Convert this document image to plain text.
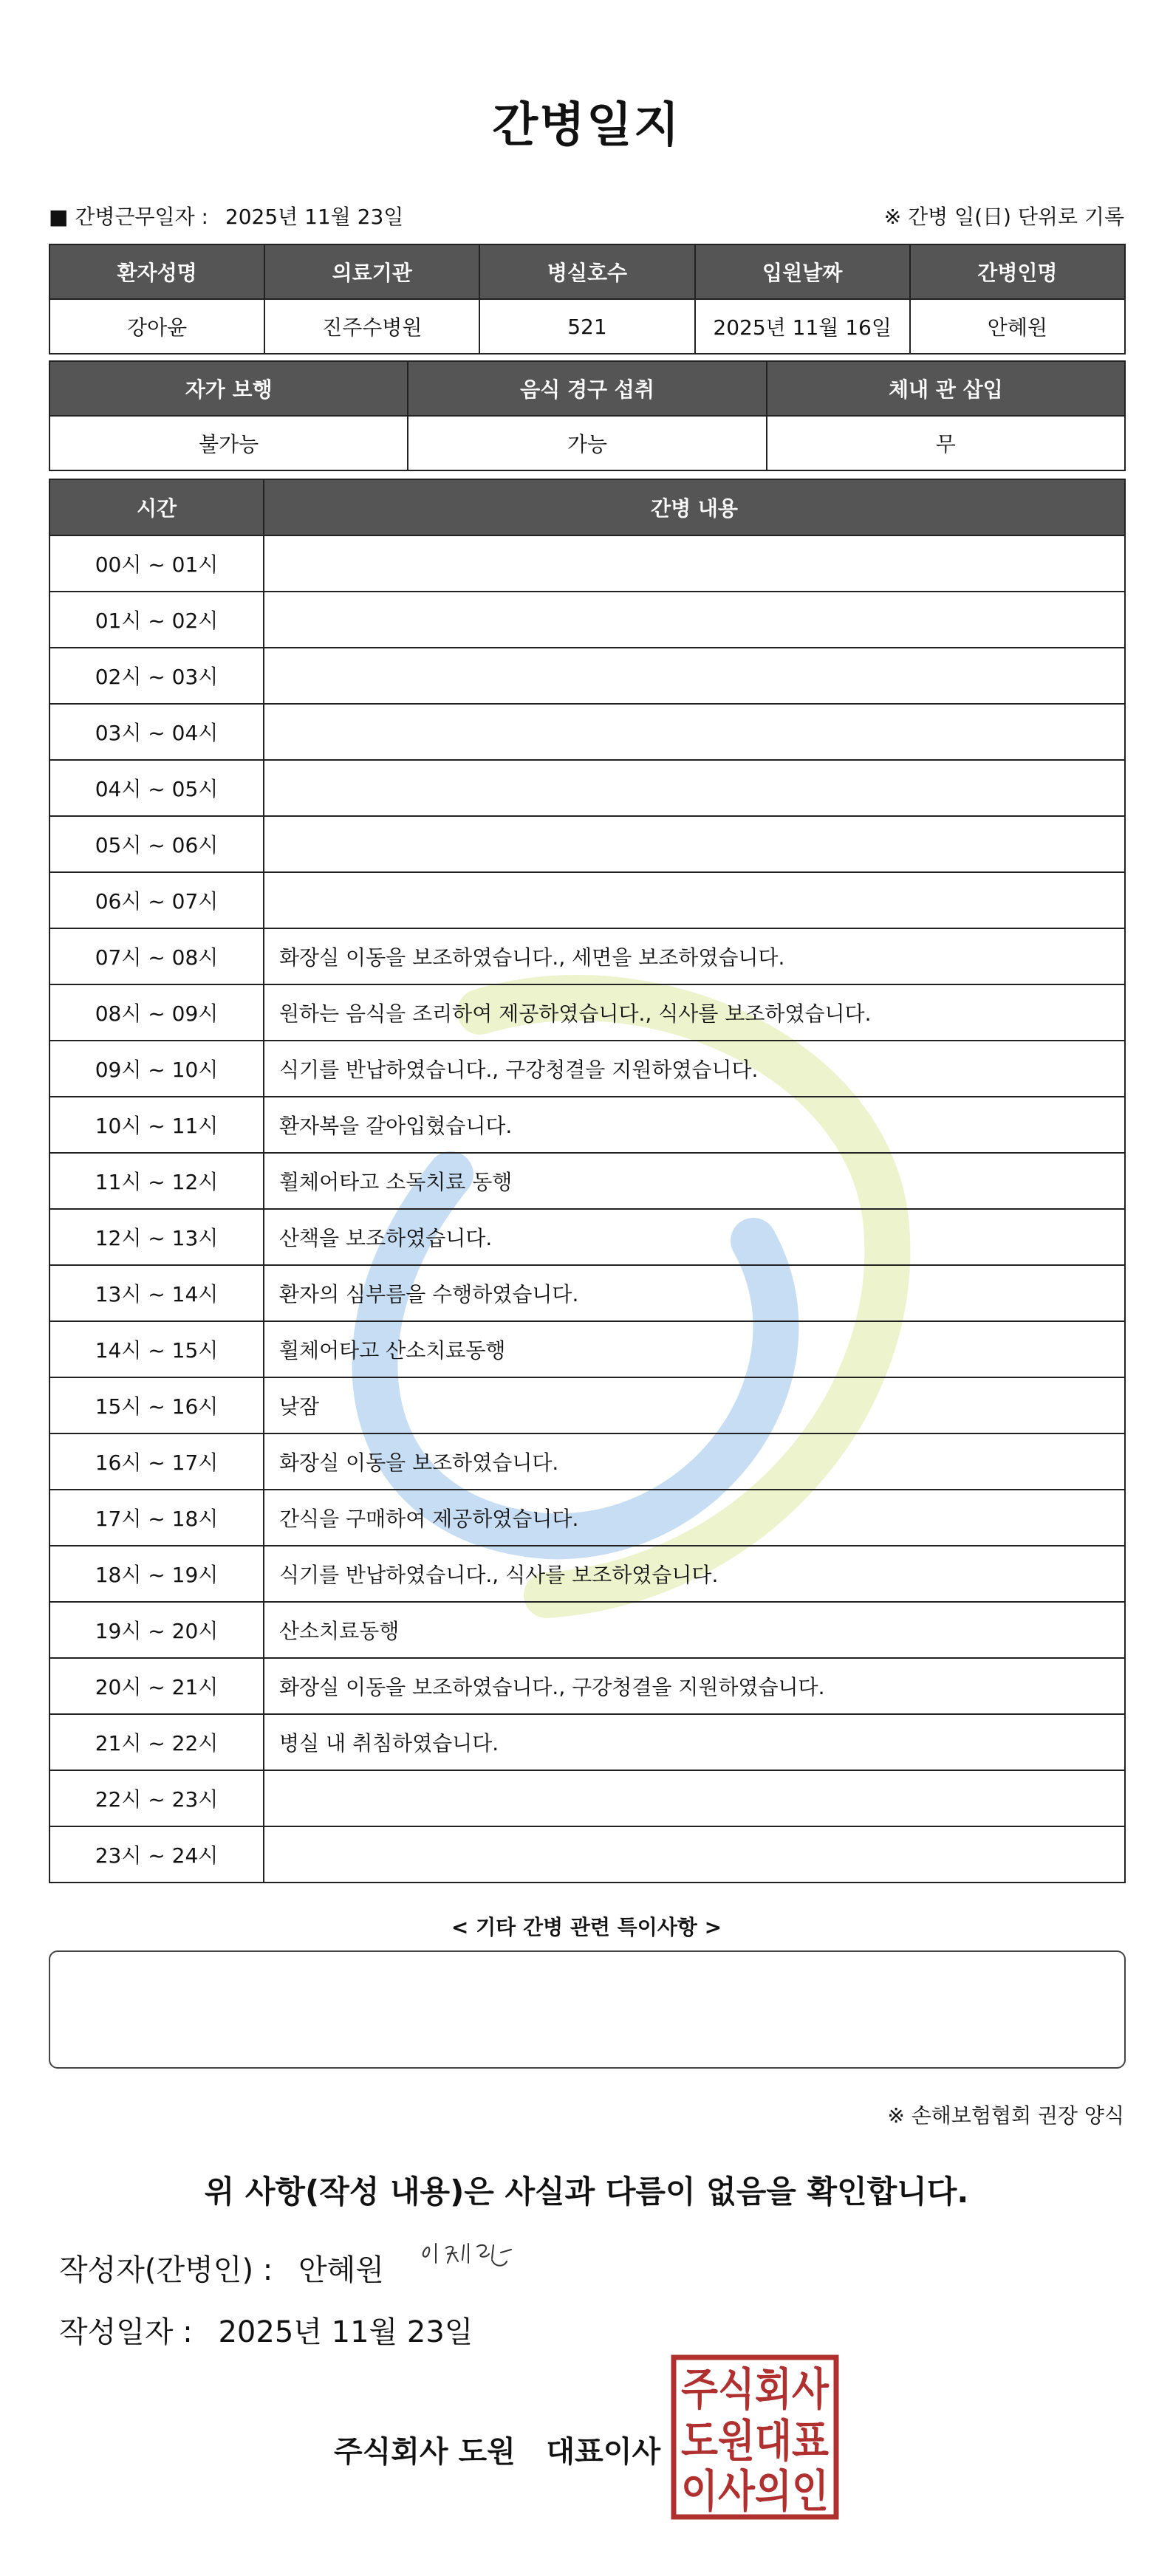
간병일지
■ 간병근무일자 : 2025년 11월 23일	※ 간병 일(日) 단위로 기록
환자성명	의료기관	병실호수	입원날짜	간병인명
강아윤	진주수병원	521	2025년 11월 16일	안혜원
자가 보행	음식 경구 섭취	체내 관 삽입
불가능	가능	무
시간	간병 내용
00시 ~ 01시	
01시 ~ 02시	
02시 ~ 03시	
03시 ~ 04시	
04시 ~ 05시	
05시 ~ 06시	
06시 ~ 07시	
07시 ~ 08시	화장실 이동을 보조하였습니다., 세면을 보조하였습니다.
08시 ~ 09시	원하는 음식을 조리하여 제공하였습니다., 식사를 보조하였습니다.
09시 ~ 10시	식기를 반납하였습니다., 구강청결을 지원하였습니다.
10시 ~ 11시	환자복을 갈아입혔습니다.
11시 ~ 12시	휠체어타고 소독치료 동행
12시 ~ 13시	산책을 보조하였습니다.
13시 ~ 14시	환자의 심부름을 수행하였습니다.
14시 ~ 15시	휠체어타고 산소치료동행
15시 ~ 16시	낮잠
16시 ~ 17시	화장실 이동을 보조하였습니다.
17시 ~ 18시	간식을 구매하여 제공하였습니다.
18시 ~ 19시	식기를 반납하였습니다., 식사를 보조하였습니다.
19시 ~ 20시	산소치료동행
20시 ~ 21시	화장실 이동을 보조하였습니다., 구강청결을 지원하였습니다.
21시 ~ 22시	병실 내 취침하였습니다.
22시 ~ 23시	
23시 ~ 24시	
< 기타 간병 관련 특이사항 >
※ 손해보험협회 권장 양식
위 사항(작성 내용)은 사실과 다름이 없음을 확인합니다.
작성자(간병인) : 안혜원
작성일자 : 2025년 11월 23일
주식회사 도원   대표이사
주식회사
도원대표
이사의인
